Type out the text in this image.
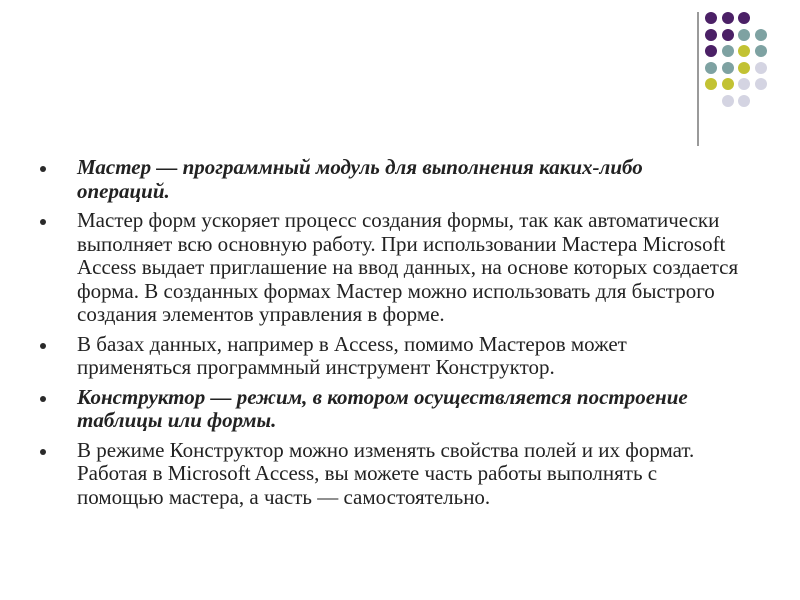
Мастер — программный модуль для выполнения каких-либо операций.
Мастер форм ускоряет процесс создания формы, так как автоматически выполняет всю основную работу. При использовании Мастера Microsoft Access выдает приглашение на ввод данных, на основе которых создается форма. В созданных формах Мастер можно использовать для быстрого создания элементов управления в форме.
В базах данных, например в Access, помимо Мастеров может применяться программный инструмент Конструктор.
Конструктор — режим, в котором осуществляется построение таблицы или формы.
В режиме Конструктор можно изменять свойства полей и их формат. Работая в Microsoft Access, вы можете часть работы выполнять с помощью мастера, а часть — самостоятельно.
